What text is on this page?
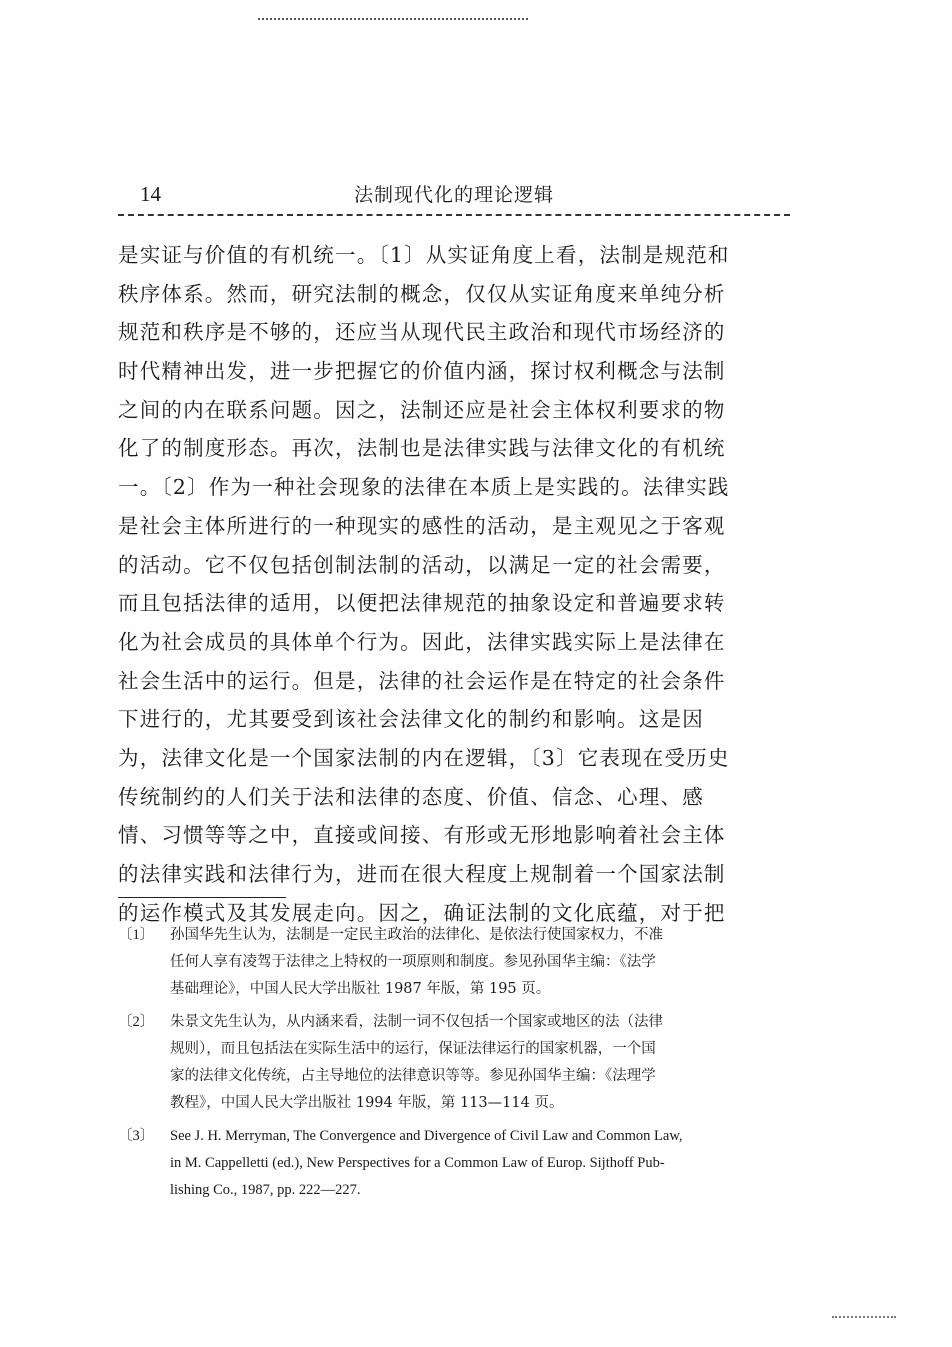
14	法制现代化的理论逻辑
是实证与价值的有机统一。〔1〕从实证角度上看，法制是规范和
秩序体系。然而，研究法制的概念，仅仅从实证角度来单纯分析
规范和秩序是不够的，还应当从现代民主政治和现代市场经济的
时代精神出发，进一步把握它的价值内涵，探讨权利概念与法制
之间的内在联系问题。因之，法制还应是社会主体权利要求的物
化了的制度形态。再次，法制也是法律实践与法律文化的有机统
一。〔2〕作为一种社会现象的法律在本质上是实践的。法律实践
是社会主体所进行的一种现实的感性的活动，是主观见之于客观
的活动。它不仅包括创制法制的活动，以满足一定的社会需要，
而且包括法律的适用，以便把法律规范的抽象设定和普遍要求转
化为社会成员的具体单个行为。因此，法律实践实际上是法律在
社会生活中的运行。但是，法律的社会运作是在特定的社会条件
下进行的，尤其要受到该社会法律文化的制约和影响。这是因
为，法律文化是一个国家法制的内在逻辑，〔3〕它表现在受历史
传统制约的人们关于法和法律的态度、价值、信念、心理、感
情、习惯等等之中，直接或间接、有形或无形地影响着社会主体
的法律实践和法律行为，进而在很大程度上规制着一个国家法制
的运作模式及其发展走向。因之，确证法制的文化底蕴，对于把
〔1〕 孙国华先生认为，法制是一定民主政治的法律化、是依法行使国家权力，不准
任何人享有凌驾于法律之上特权的一项原则和制度。参见孙国华主编：《法学
基础理论》，中国人民大学出版社 1987 年版，第 195 页。
〔2〕 朱景文先生认为，从内涵来看，法制一词不仅包括一个国家或地区的法（法律
规则），而且包括法在实际生活中的运行，保证法律运行的国家机器，一个国
家的法律文化传统，占主导地位的法律意识等等。参见孙国华主编：《法理学
教程》，中国人民大学出版社 1994 年版，第 113—114 页。
〔3〕 See J. H. Merryman, The Convergence and Divergence of Civil Law and Common Law,
in M. Cappelletti (ed.), New Perspectives for a Common Law of Europ. Sijthoff Pub-
lishing Co., 1987, pp. 222—227.
